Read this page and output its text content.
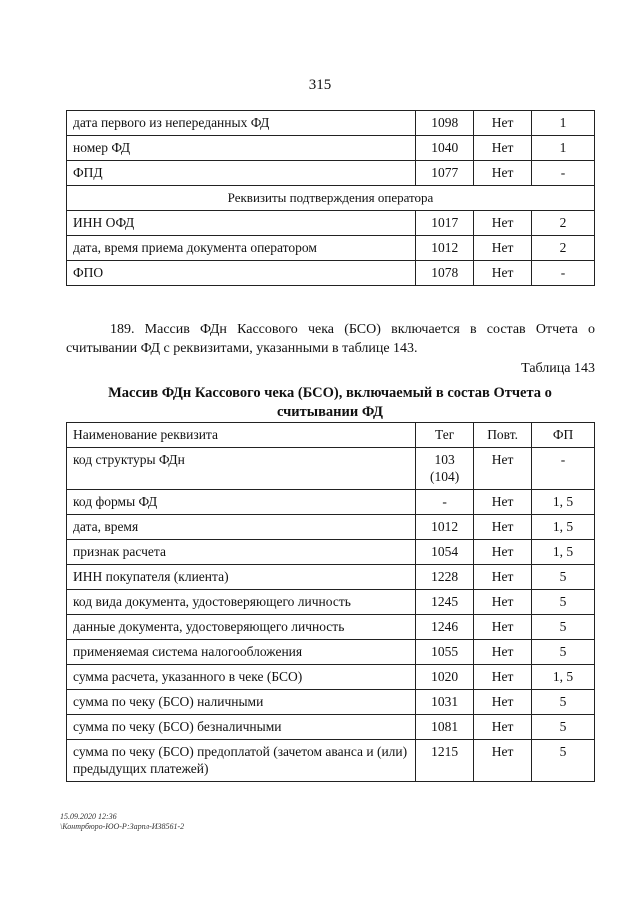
315
дата первого из непереданных ФД	1098	Нет	1
номер ФД	1040	Нет	1
ФПД	1077	Нет	-
Реквизиты подтверждения оператора			
ИНН ОФД	1017	Нет	2
дата, время приема документа оператором	1012	Нет	2
ФПО	1078	Нет	-
189. Массив ФДн Кассового чека (БСО) включается в состав Отчета о считывании ФД с реквизитами, указанными в таблице 143.
Таблица 143
Массив ФДн Кассового чека (БСО), включаемый в состав Отчета о считывании ФД
Наименование реквизита	Тег	Повт.	ФП
код структуры ФДн	103 (104)	Нет	-
код формы ФД	-	Нет	1, 5
дата, время	1012	Нет	1, 5
признак расчета	1054	Нет	1, 5
ИНН покупателя (клиента)	1228	Нет	5
код вида документа, удостоверяющего личность	1245	Нет	5
данные документа, удостоверяющего личность	1246	Нет	5
применяемая система налогообложения	1055	Нет	5
сумма расчета, указанного в чеке (БСО)	1020	Нет	1, 5
сумма по чеку (БСО) наличными	1031	Нет	5
сумма по чеку (БСО) безналичными	1081	Нет	5
сумма по чеку (БСО) предоплатой (зачетом аванса и (или) предыдущих платежей)	1215	Нет	5
15.09.2020 12:36
\Контрбюро-ЮО-Р:Зарпл-ИЗ8561-2
